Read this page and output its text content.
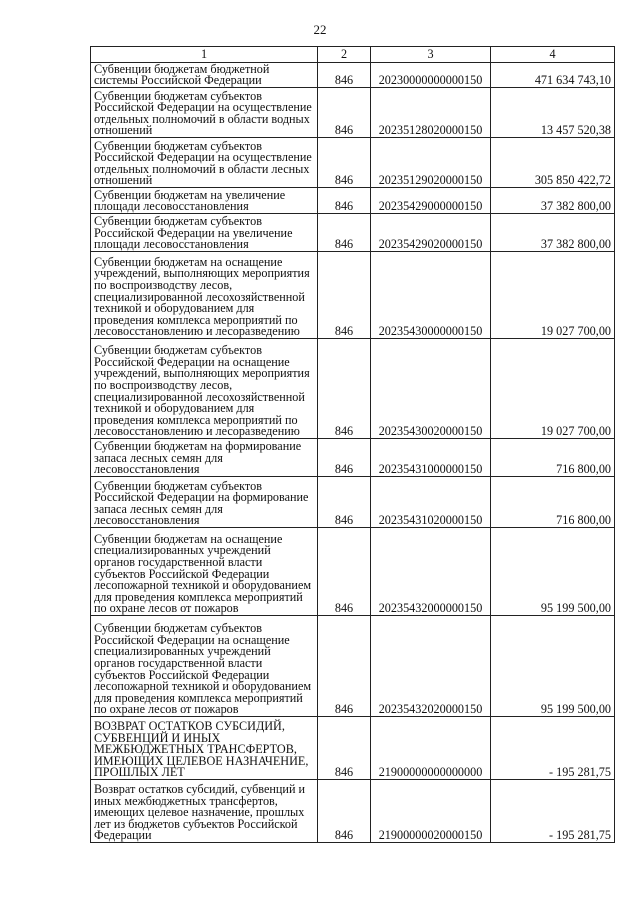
22
1	2	3	4
Субвенции бюджетам бюджетной системы Российской Федерации	846	20230000000000150	471 634 743,10
Субвенции бюджетам субъектов Российской Федерации на осуществление отдельных полномочий в области водных отношений	846	20235128020000150	13 457 520,38
Субвенции бюджетам субъектов Российской Федерации на осуществление отдельных полномочий в области лесных отношений	846	20235129020000150	305 850 422,72
Субвенции бюджетам на увеличение площади лесовосстановления	846	20235429000000150	37 382 800,00
Субвенции бюджетам субъектов Российской Федерации на увеличение площади лесовосстановления	846	20235429020000150	37 382 800,00
Субвенции бюджетам на оснащение учреждений, выполняющих мероприятия по воспроизводству лесов, специализированной лесохозяйственной техникой и оборудованием для проведения комплекса мероприятий по лесовосстановлению и лесоразведению	846	20235430000000150	19 027 700,00
Субвенции бюджетам субъектов Российской Федерации на оснащение учреждений, выполняющих мероприятия по воспроизводству лесов, специализированной лесохозяйственной техникой и оборудованием для проведения комплекса мероприятий по лесовосстановлению и лесоразведению	846	20235430020000150	19 027 700,00
Субвенции бюджетам на формирование запаса лесных семян для лесовосстановления	846	20235431000000150	716 800,00
Субвенции бюджетам субъектов Российской Федерации на формирование запаса лесных семян для лесовосстановления	846	20235431020000150	716 800,00
Субвенции бюджетам на оснащение специализированных учреждений органов государственной власти субъектов Российской Федерации лесопожарной техникой и оборудованием для проведения комплекса мероприятий по охране лесов от пожаров	846	20235432000000150	95 199 500,00
Субвенции бюджетам субъектов Российской Федерации на оснащение специализированных учреждений органов государственной власти субъектов Российской Федерации лесопожарной техникой и оборудованием для проведения комплекса мероприятий по охране лесов от пожаров	846	20235432020000150	95 199 500,00
ВОЗВРАТ ОСТАТКОВ СУБСИДИЙ, СУБВЕНЦИЙ И ИНЫХ МЕЖБЮДЖЕТНЫХ ТРАНСФЕРТОВ, ИМЕЮЩИХ ЦЕЛЕВОЕ НАЗНАЧЕНИЕ, ПРОШЛЫХ ЛЕТ	846	21900000000000000	- 195 281,75
Возврат остатков субсидий, субвенций и иных межбюджетных трансфертов, имеющих целевое назначение, прошлых лет из бюджетов субъектов Российской Федерации	846	21900000020000150	- 195 281,75
